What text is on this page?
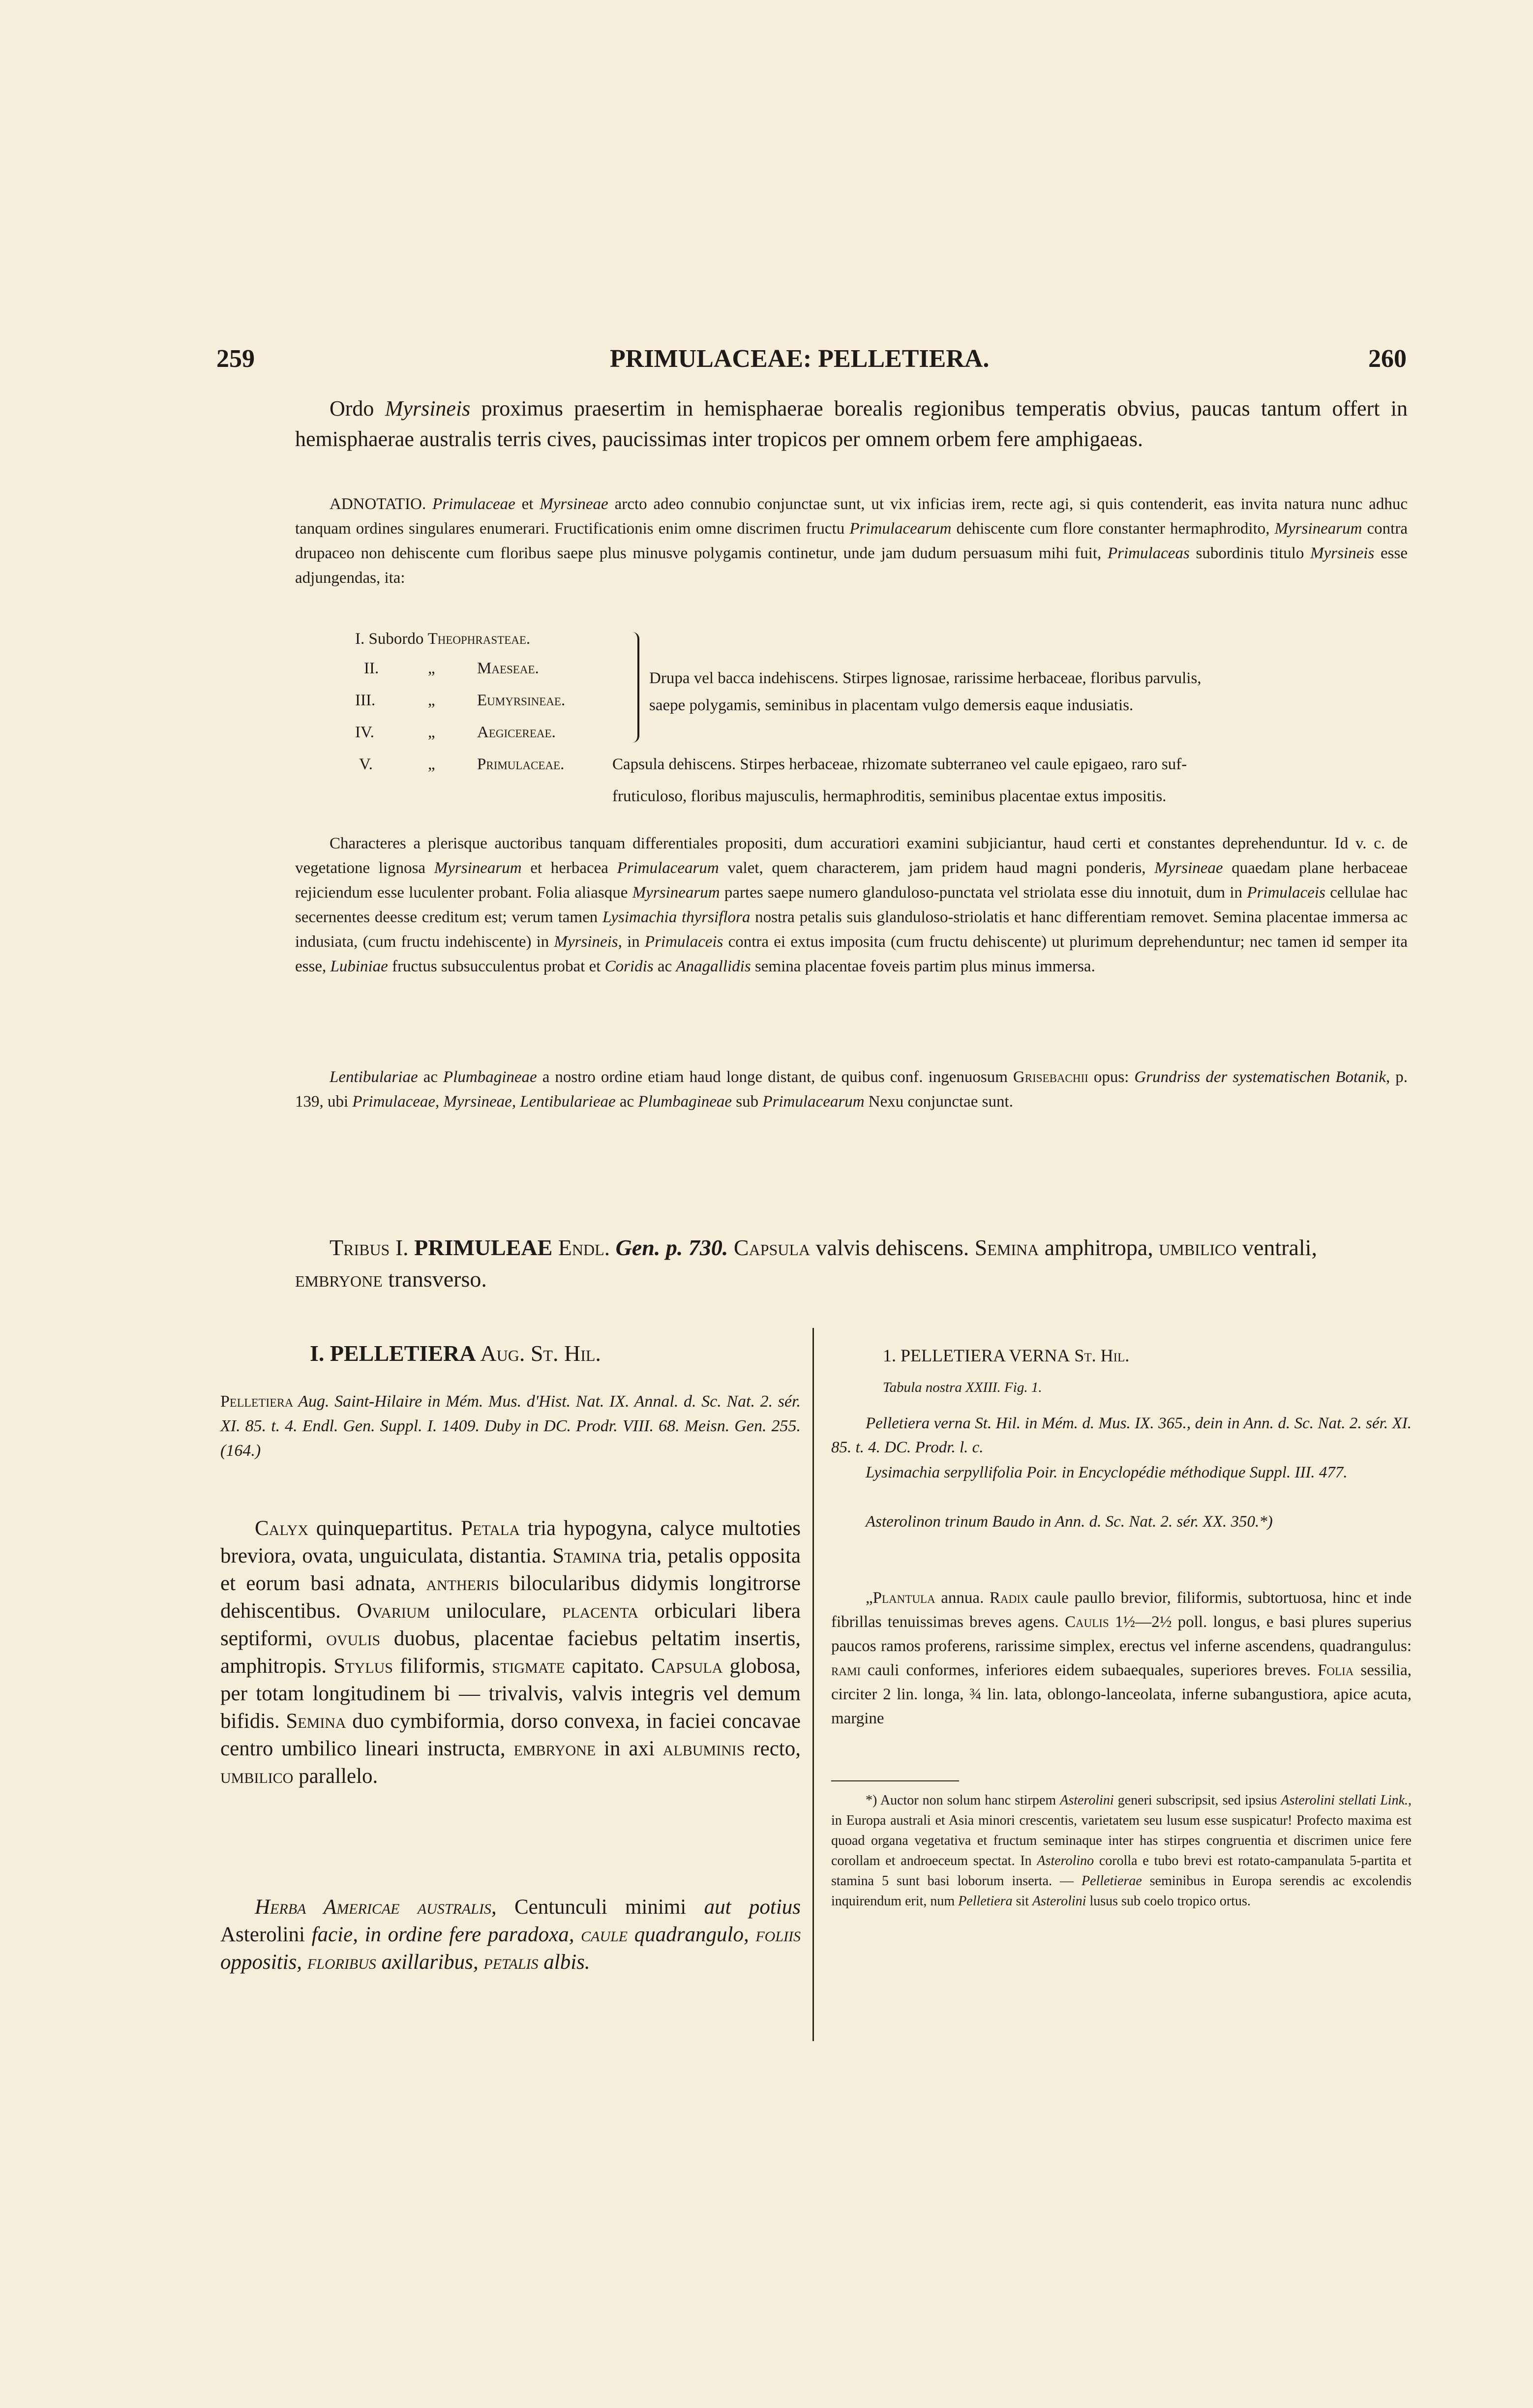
259	PRIMULACEAE: PELLETIERA.	260
Ordo Myrsineis proximus praesertim in hemisphaerae borealis regionibus temperatis obvius, paucas tantum offert in hemisphaerae australis terris cives, paucissimas inter tropicos per omnem orbem fere amphigaeas.
ADNOTATIO. Primulaceae et Myrsineae arcto adeo connubio conjunctae sunt, ut vix inficias irem, recte agi, si quis contenderit, eas invita natura nunc adhuc tanquam ordines singulares enumerari. Fructificationis enim omne discrimen fructu Primulacearum dehiscente cum flore constanter hermaphrodito, Myrsinearum contra drupaceo non dehiscente cum floribus saepe plus minusve polygamis continetur, unde jam dudum persuasum mihi fuit, Primulaceas subordinis titulo Myrsineis esse adjungendas, ita:
I. Subordo Theophrasteae.
II.	„	Maeseae.
III.	„	Eumyrsineae.
IV.	„	Aegicereae.
V.	„	Primulaceae.
Drupa vel bacca indehiscens. Stirpes lignosae, rarissime herbaceae, floribus parvulis,
saepe polygamis, seminibus in placentam vulgo demersis eaque indusiatis.
Capsula dehiscens. Stirpes herbaceae, rhizomate subterraneo vel caule epigaeo, raro suf-
fruticuloso, floribus majusculis, hermaphroditis, seminibus placentae extus impositis.
Characteres a plerisque auctoribus tanquam differentiales propositi, dum accuratiori examini subjiciantur, haud certi et constantes deprehenduntur. Id v. c. de vegetatione lignosa Myrsinearum et herbacea Primulacearum valet, quem characterem, jam pridem haud magni ponderis, Myrsineae quaedam plane herbaceae rejiciendum esse luculenter probant. Folia aliasque Myrsinearum partes saepe numero glanduloso-punctata vel striolata esse diu innotuit, dum in Primulaceis cellulae hac secernentes deesse creditum est; verum tamen Lysimachia thyrsiflora nostra petalis suis glanduloso-striolatis et hanc differentiam removet. Semina placentae immersa ac indusiata, (cum fructu indehiscente) in Myrsineis, in Primulaceis contra ei extus imposita (cum fructu dehiscente) ut plurimum deprehenduntur; nec tamen id semper ita esse, Lubiniae fructus subsucculentus probat et Coridis ac Anagallidis semina placentae foveis partim plus minus immersa.
Lentibulariae ac Plumbagineae a nostro ordine etiam haud longe distant, de quibus conf. ingenuosum Grisebachii opus: Grundriss der systematischen Botanik, p. 139, ubi Primulaceae, Myrsineae, Lentibularieae ac Plumbagineae sub Primulacearum Nexu conjunctae sunt.
Tribus I. PRIMULEAE Endl. Gen. p. 730. Capsula valvis dehiscens. Semina amphitropa, umbilico ventrali, embryone transverso.
I. PELLETIERA Aug. St. Hil.
Pelletiera Aug. Saint-Hilaire in Mém. Mus. d'Hist. Nat. IX. Annal. d. Sc. Nat. 2. sér. XI. 85. t. 4. Endl. Gen. Suppl. I. 1409. Duby in DC. Prodr. VIII. 68. Meisn. Gen. 255. (164.)
Calyx quinquepartitus. Petala tria hypogyna, calyce multoties breviora, ovata, unguiculata, distantia. Stamina tria, petalis opposita et eorum basi adnata, antheris bilocularibus didymis longitrorse dehiscentibus. Ovarium uniloculare, placenta orbiculari libera septiformi, ovulis duobus, placentae faciebus peltatim insertis, amphitropis. Stylus filiformis, stigmate capitato. Capsula globosa, per totam longitudinem bi — trivalvis, valvis integris vel demum bifidis. Semina duo cymbiformia, dorso convexa, in faciei concavae centro umbilico lineari instructa, embryone in axi albuminis recto, umbilico parallelo.
Herba Americae australis, Centunculi minimi aut potius Asterolini facie, in ordine fere paradoxa, caule quadrangulo, foliis oppositis, floribus axillaribus, petalis albis.
1. PELLETIERA VERNA St. Hil.
Tabula nostra XXIII. Fig. 1.
Pelletiera verna St. Hil. in Mém. d. Mus. IX. 365., dein in Ann. d. Sc. Nat. 2. sér. XI. 85. t. 4. DC. Prodr. l. c.
Lysimachia serpyllifolia Poir. in Encyclopédie méthodique Suppl. III. 477.
Asterolinon trinum Baudo in Ann. d. Sc. Nat. 2. sér. XX. 350.*)
„Plantula annua. Radix caule paullo brevior, filiformis, subtortuosa, hinc et inde fibrillas tenuissimas breves agens. Caulis 1½—2½ poll. longus, e basi plures superius paucos ramos proferens, rarissime simplex, erectus vel inferne ascendens, quadrangulus: rami cauli conformes, inferiores eidem subaequales, superiores breves. Folia sessilia, circiter 2 lin. longa, ¾ lin. lata, oblongo-lanceolata, inferne subangustiora, apice acuta, margine
*) Auctor non solum hanc stirpem Asterolini generi subscripsit, sed ipsius Asterolini stellati Link., in Europa australi et Asia minori crescentis, varietatem seu lusum esse suspicatur! Profecto maxima est quoad organa vegetativa et fructum seminaque inter has stirpes congruentia et discrimen unice fere corollam et androeceum spectat. In Asterolino corolla e tubo brevi est rotato-campanulata 5-partita et stamina 5 sunt basi loborum inserta. — Pelletierae seminibus in Europa serendis ac excolendis inquirendum erit, num Pelletiera sit Asterolini lusus sub coelo tropico ortus.
